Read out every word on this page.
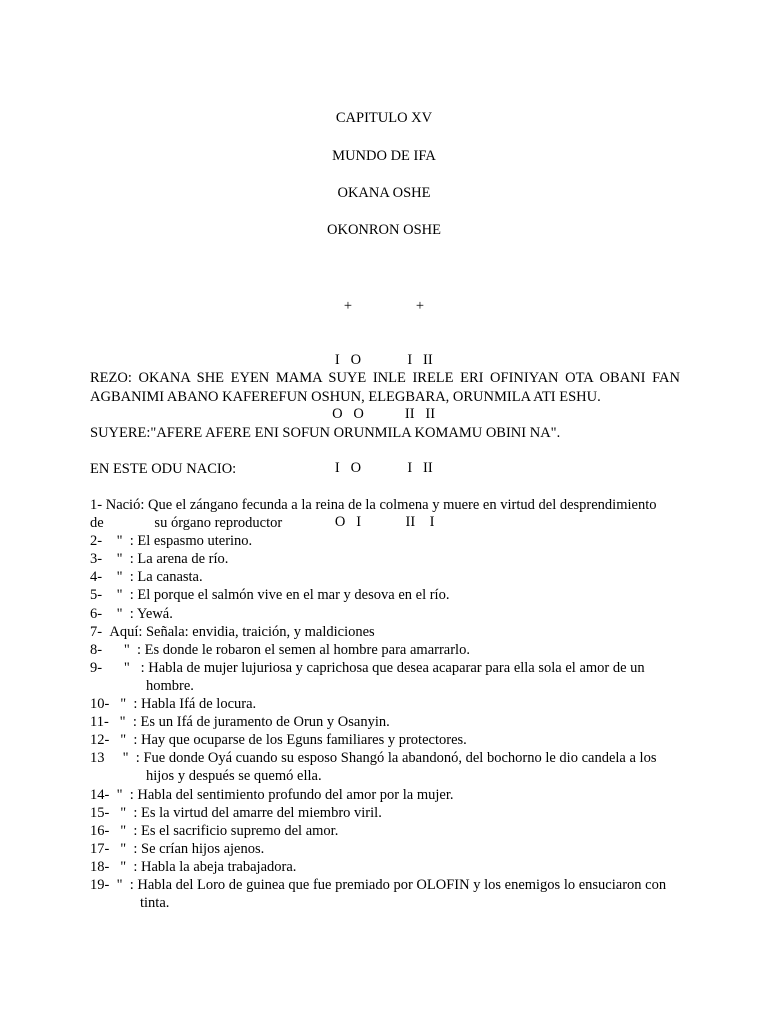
CAPITULO XV
MUNDO DE IFA
OKANA OSHE
OKONRON OSHE

+

I   O

O   O

I   O

O   I

+

I   II

II   II

I   II

II    I

REZO: OKANA SHE EYEN MAMA SUYE INLE IRELE ERI OFINIYAN OTA OBANI FAN AGBANIMI ABANO KAFEREFUN OSHUN, ELEGBARA, ORUNMILA ATI ESHU.
SUYERE:"AFERE AFERE ENI SOFUN ORUNMILA KOMAMU OBINI NA".
EN ESTE ODU NACIO:
1- Nació: Que el zángano fecunda a la reina de la colmena y muere en virtud del desprendimiento
de              su órgano reproductor
2-    " : El espasmo uterino.
3-    " : La arena de río.
4-    " : La canasta.
5-    " : El porque el salmón vive en el mar y desova en el río.
6-    " : Yewá.
7- Aquí: Señala: envidia, traición, y maldiciones
8-      " : Es donde le robaron el semen al hombre para amarrarlo.
9-      " : Habla de mujer lujuriosa y caprichosa que desea acaparar para ella sola el amor de un
hombre.
10-   " : Habla Ifá de locura.
11-   " : Es un Ifá de juramento de Orun y Osanyin.
12-   " : Hay que ocuparse de los Eguns familiares y protectores.
13     " : Fue donde Oyá cuando su esposo Shangó la abandonó, del bochorno le dio candela a los
hijos y después se quemó ella.
14-  " : Habla del sentimiento profundo del amor por la mujer.
15-   " : Es la virtud del amarre del miembro viril.
16-   " : Es el sacrificio supremo del amor.
17-   " : Se crían hijos ajenos.
18-   " : Habla la abeja trabajadora.
19-  " : Habla del Loro de guinea que fue premiado por OLOFIN y los enemigos lo ensuciaron con
tinta.
